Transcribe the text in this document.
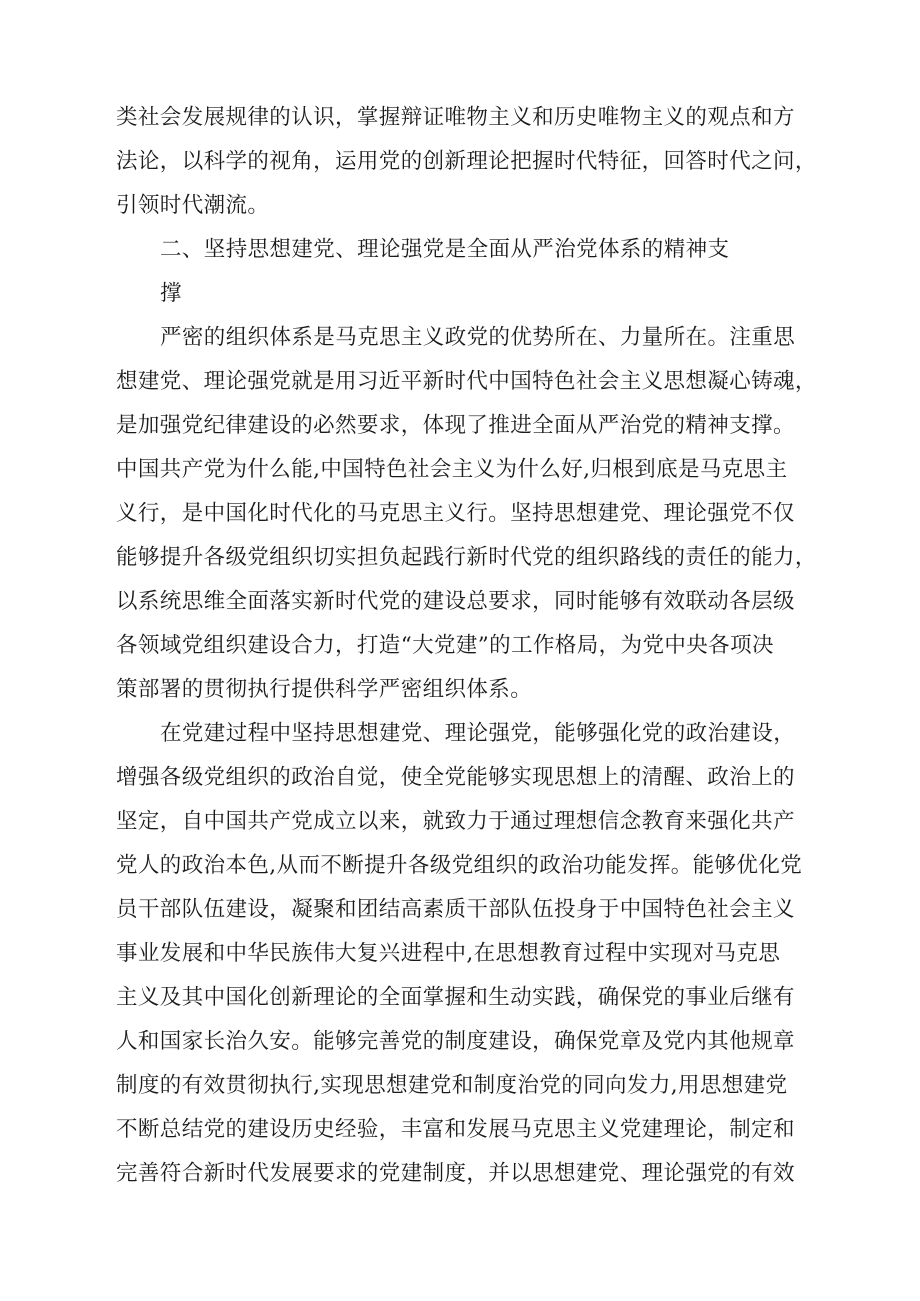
类社会发展规律的认识，掌握辩证唯物主义和历史唯物主义的观点和方
法论，以科学的视角，运用党的创新理论把握时代特征，回答时代之问，
引领时代潮流。
二、坚持思想建党、理论强党是全面从严治党体系的精神支
撑
严密的组织体系是马克思主义政党的优势所在、力量所在。注重思
想建党、理论强党就是用习近平新时代中国特色社会主义思想凝心铸魂，
是加强党纪律建设的必然要求，体现了推进全面从严治党的精神支撑。
中国共产党为什么能,中国特色社会主义为什么好,归根到底是马克思主
义行，是中国化时代化的马克思主义行。坚持思想建党、理论强党不仅
能够提升各级党组织切实担负起践行新时代党的组织路线的责任的能力，
以系统思维全面落实新时代党的建设总要求，同时能够有效联动各层级
各领域党组织建设合力，打造“大党建”的工作格局，为党中央各项决
策部署的贯彻执行提供科学严密组织体系。
在党建过程中坚持思想建党、理论强党，能够强化党的政治建设，
增强各级党组织的政治自觉，使全党能够实现思想上的清醒、政治上的
坚定，自中国共产党成立以来，就致力于通过理想信念教育来强化共产
党人的政治本色,从而不断提升各级党组织的政治功能发挥。能够优化党
员干部队伍建设，凝聚和团结高素质干部队伍投身于中国特色社会主义
事业发展和中华民族伟大复兴进程中,在思想教育过程中实现对马克思
主义及其中国化创新理论的全面掌握和生动实践，确保党的事业后继有
人和国家长治久安。能够完善党的制度建设，确保党章及党内其他规章
制度的有效贯彻执行,实现思想建党和制度治党的同向发力,用思想建党
不断总结党的建设历史经验，丰富和发展马克思主义党建理论，制定和
完善符合新时代发展要求的党建制度，并以思想建党、理论强党的有效
